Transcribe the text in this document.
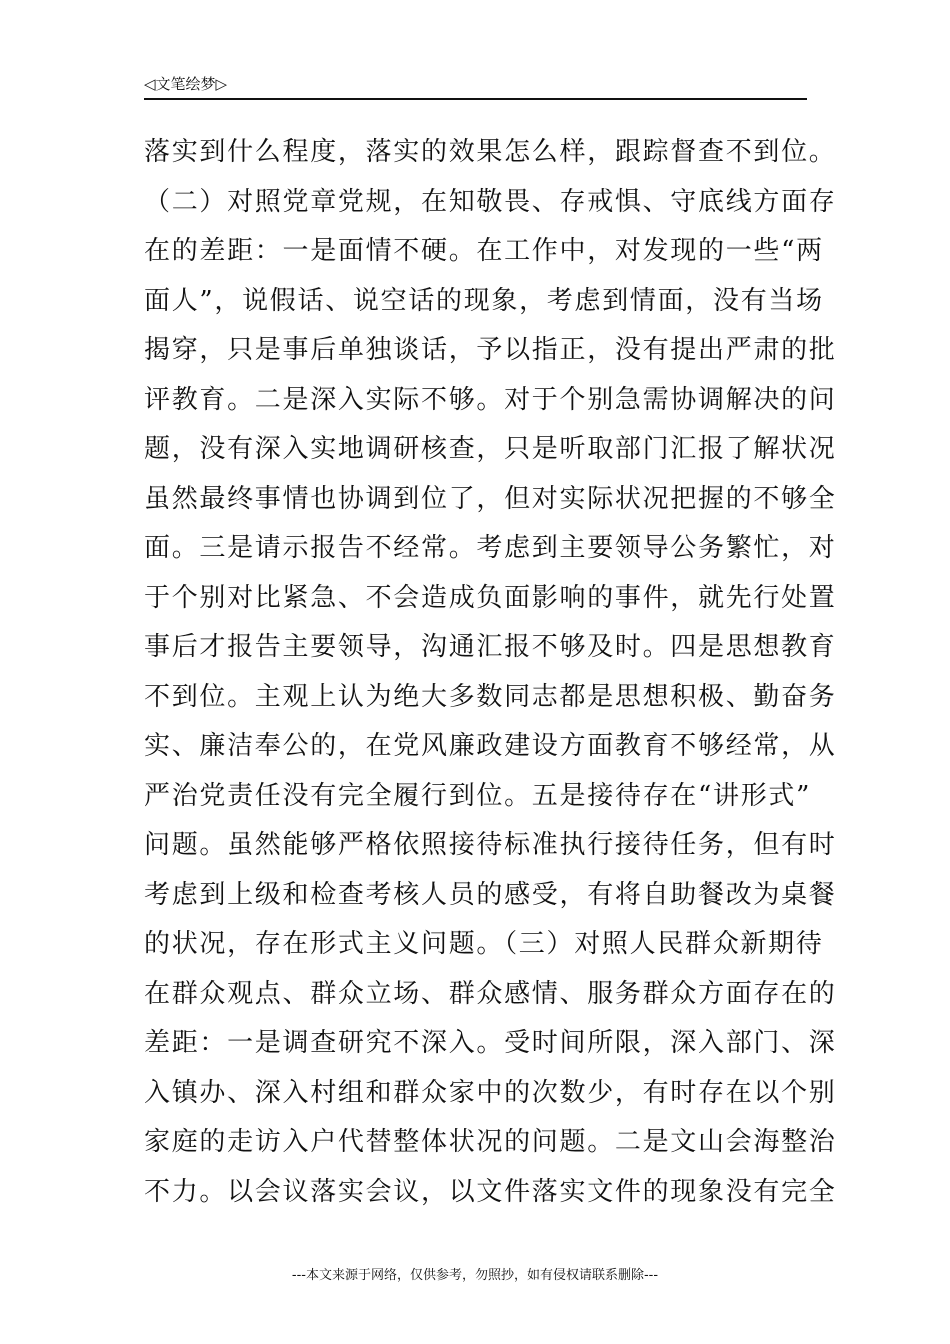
◁文笔绘梦▷
落实到什么程度，落实的效果怎么样，跟踪督查不到位。
（二）对照党章党规，在知敬畏、存戒惧、守底线方面存
在的差距：一是面情不硬。在工作中，对发现的一些“两
面人”，说假话、说空话的现象，考虑到情面，没有当场
揭穿，只是事后单独谈话，予以指正，没有提出严肃的批
评教育。二是深入实际不够。对于个别急需协调解决的问
题，没有深入实地调研核查，只是听取部门汇报了解状况
虽然最终事情也协调到位了，但对实际状况把握的不够全
面。三是请示报告不经常。考虑到主要领导公务繁忙，对
于个别对比紧急、不会造成负面影响的事件，就先行处置
事后才报告主要领导，沟通汇报不够及时。四是思想教育
不到位。主观上认为绝大多数同志都是思想积极、勤奋务
实、廉洁奉公的，在党风廉政建设方面教育不够经常，从
严治党责任没有完全履行到位。五是接待存在“讲形式”
问题。虽然能够严格依照接待标准执行接待任务，但有时
考虑到上级和检查考核人员的感受，有将自助餐改为桌餐
的状况，存在形式主义问题。（三）对照人民群众新期待
在群众观点、群众立场、群众感情、服务群众方面存在的
差距：一是调查研究不深入。受时间所限，深入部门、深
入镇办、深入村组和群众家中的次数少，有时存在以个别
家庭的走访入户代替整体状况的问题。二是文山会海整治
不力。以会议落实会议，以文件落实文件的现象没有完全
---本文来源于网络，仅供参考，勿照抄，如有侵权请联系删除---
